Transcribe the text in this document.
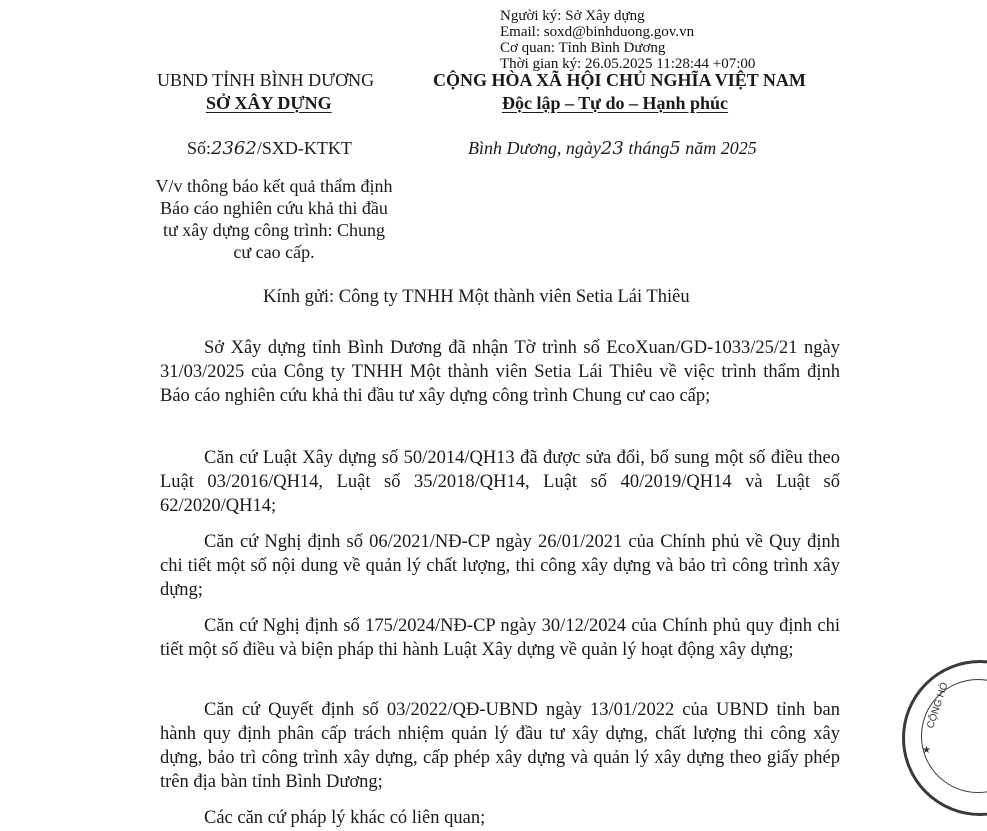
Người ký: Sở Xây dựng
Email: soxd@binhduong.gov.vn
Cơ quan: Tỉnh Bình Dương
Thời gian ký: 26.05.2025 11:28:44 +07:00
UBND TỈNH BÌNH DƯƠNG
SỞ XÂY DỰNG
CỘNG HÒA XÃ HỘI CHỦ NGHĨA VIỆT NAM
Độc lập – Tự do – Hạnh phúc
Số:2362/SXD-KTKT	Bình Dương, ngày23 tháng5 năm 2025
V/v thông báo kết quả thẩm định
Báo cáo nghiên cứu khả thi đầu
tư xây dựng công trình: Chung
cư cao cấp.
Kính gửi: Công ty TNHH Một thành viên Setia Lái Thiêu
Sở Xây dựng tỉnh Bình Dương đã nhận Tờ trình số EcoXuan/GD-1033/25/21 ngày 31/03/2025 của Công ty TNHH Một thành viên Setia Lái Thiêu về việc trình thẩm định Báo cáo nghiên cứu khả thi đầu tư xây dựng công trình Chung cư cao cấp;
Căn cứ Luật Xây dựng số 50/2014/QH13 đã được sửa đổi, bổ sung một số điều theo Luật 03/2016/QH14, Luật số 35/2018/QH14, Luật số 40/2019/QH14 và Luật số 62/2020/QH14;
Căn cứ Nghị định số 06/2021/NĐ-CP ngày 26/01/2021 của Chính phủ về Quy định chi tiết một số nội dung về quản lý chất lượng, thi công xây dựng và bảo trì công trình xây dựng;
Căn cứ Nghị định số 175/2024/NĐ-CP ngày 30/12/2024 của Chính phủ quy định chi tiết một số điều và biện pháp thi hành Luật Xây dựng về quản lý hoạt động xây dựng;
Căn cứ Quyết định số 03/2022/QĐ-UBND ngày 13/01/2022 của UBND tỉnh ban hành quy định phân cấp trách nhiệm quản lý đầu tư xây dựng, chất lượng thi công xây dựng, bảo trì công trình xây dựng, cấp phép xây dựng và quản lý xây dựng theo giấy phép trên địa bàn tỉnh Bình Dương;
Các căn cứ pháp lý khác có liên quan;
CỘNG HÒ
★
